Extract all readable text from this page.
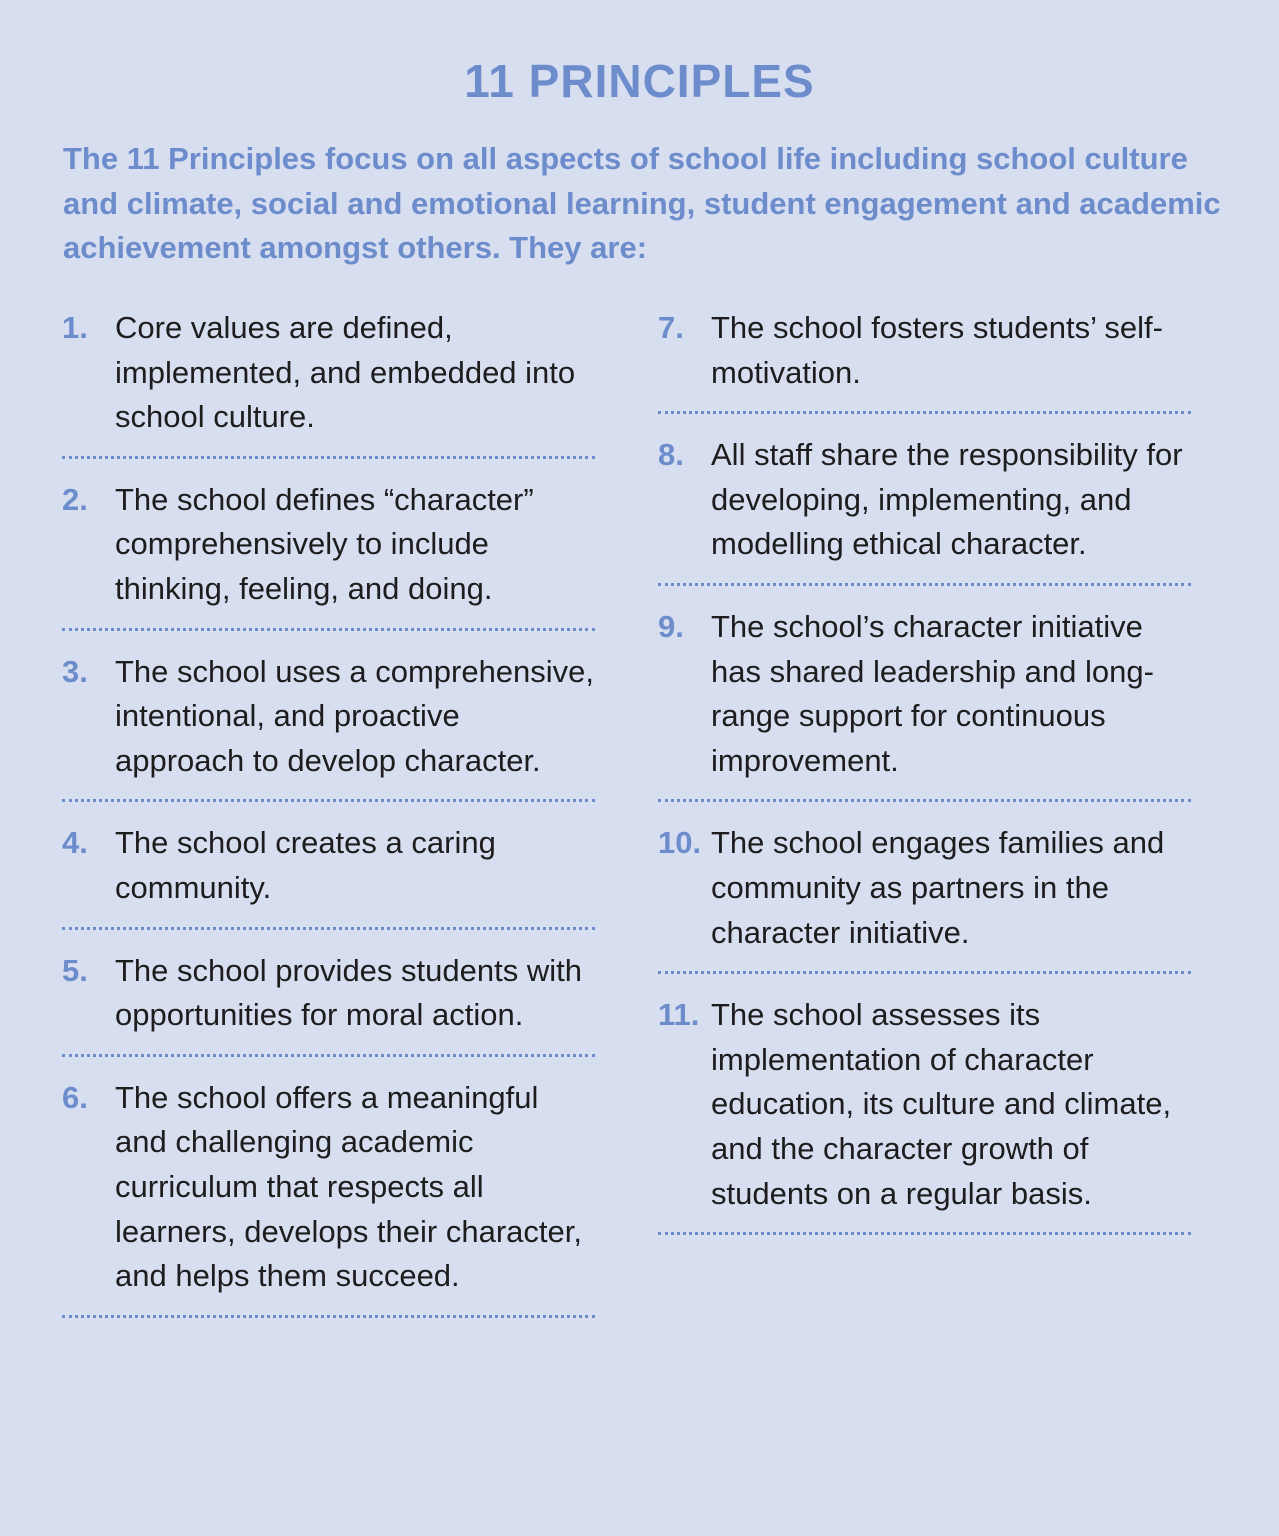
11 PRINCIPLES

The 11 Principles focus on all aspects of school life including school culture and climate, social and emotional learning, student engagement and academic achievement amongst others. They are:

1. Core values are defined, implemented, and embedded into school culture.
2. The school defines “character” comprehensively to include thinking, feeling, and doing.
3. The school uses a comprehensive, intentional, and proactive approach to develop character.
4. The school creates a caring community.
5. The school provides students with opportunities for moral action.
6. The school offers a meaningful and challenging academic curriculum that respects all learners, develops their character, and helps them succeed.
7. The school fosters students’ self-motivation.
8. All staff share the responsibility for developing, implementing, and modelling ethical character.
9. The school’s character initiative has shared leadership and long-range support for continuous improvement.
10. The school engages families and community as partners in the character initiative.
11. The school assesses its implementation of character education, its culture and climate, and the character growth of students on a regular basis.
